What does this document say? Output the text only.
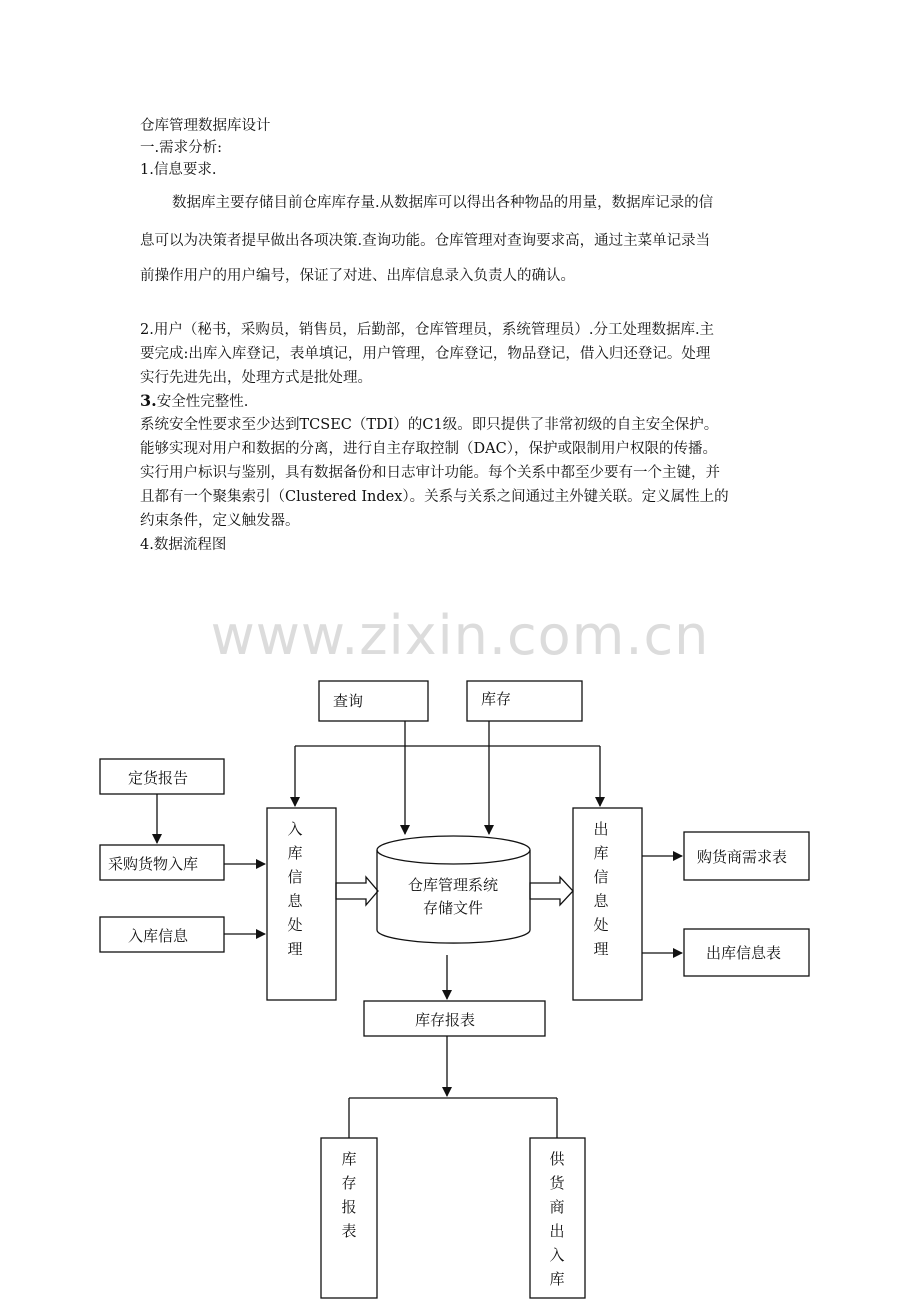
仓库管理数据库设计
一.需求分析:
1.信息要求.
数据库主要存储目前仓库库存量.从数据库可以得出各种物品的用量，数据库记录的信
息可以为决策者提早做出各项决策.查询功能。仓库管理对查询要求高，通过主菜单记录当
前操作用户的用户编号，保证了对进、出库信息录入负责人的确认。
2.用户（秘书，采购员，销售员，后勤部，仓库管理员，系统管理员）.分工处理数据库.主
要完成:出库入库登记，表单填记，用户管理，仓库登记，物品登记，借入归还登记。处理
实行先进先出，处理方式是批处理。
3.安全性完整性.
系统安全性要求至少达到TCSEC（TDI）的C1级。即只提供了非常初级的自主安全保护。
能够实现对用户和数据的分离，进行自主存取控制（DAC），保护或限制用户权限的传播。
实行用户标识与鉴别，具有数据备份和日志审计功能。每个关系中都至少要有一个主键，并
且都有一个聚集索引（Clustered Index）。关系与关系之间通过主外键关联。定义属性上的
约束条件，定义触发器。
4.数据流程图
www.zixin.com.cn
查询	库存
定货报告
采购货物入库
入库信息
购货商需求表
出库信息表
库存报表
仓库管理系统
存储文件
入
库
信
息
处
理
出
库
信
息
处
理
库
存
报
表
供
货
商
出
入
库
